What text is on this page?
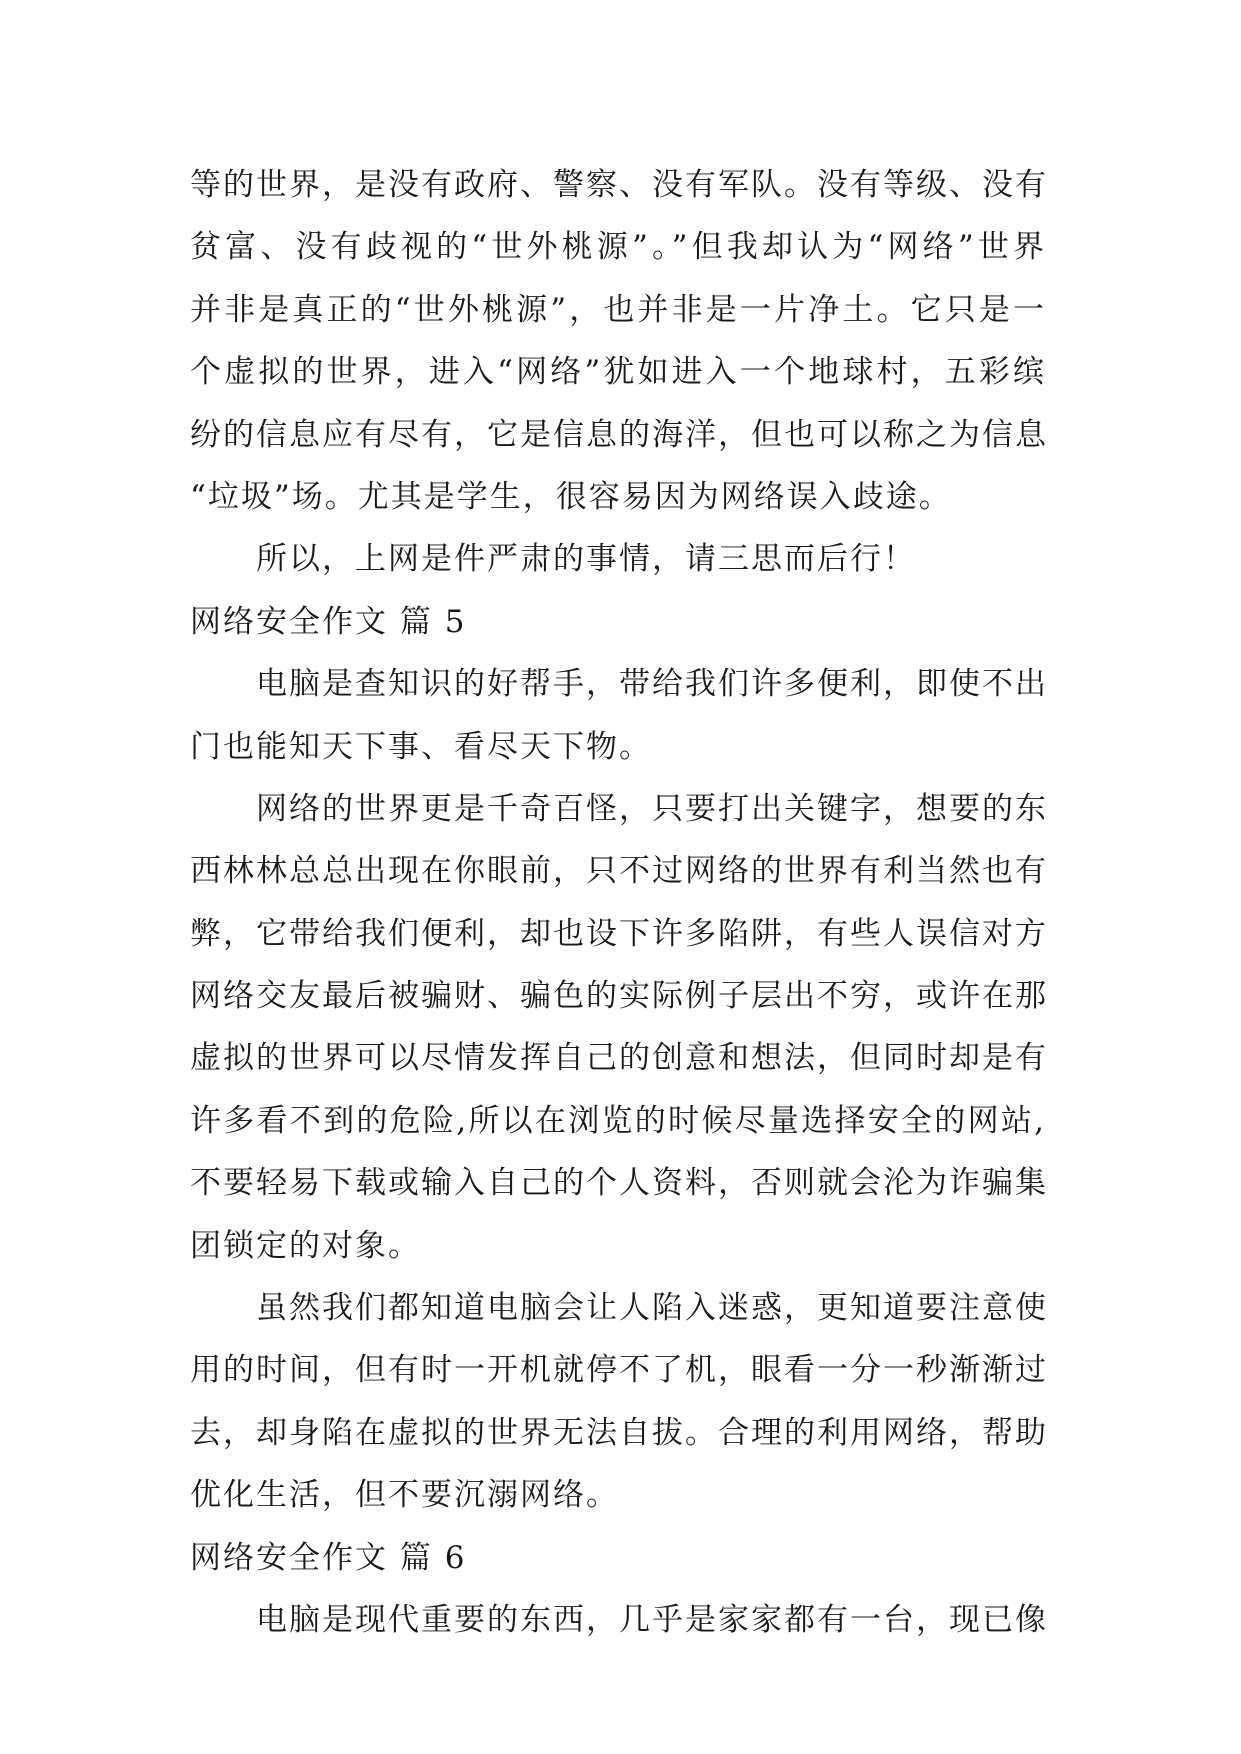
等的世界，是没有政府、警察、没有军队。没有等级、没有
贫富、没有歧视的“世外桃源”。”但我却认为“网络”世界
并非是真正的“世外桃源”，也并非是一片净土。它只是一
个虚拟的世界，进入“网络”犹如进入一个地球村，五彩缤
纷的信息应有尽有，它是信息的海洋，但也可以称之为信息
“垃圾”场。尤其是学生，很容易因为网络误入歧途。
所以，上网是件严肃的事情，请三思而后行！
网络安全作文 篇 5
电脑是查知识的好帮手，带给我们许多便利，即使不出
门也能知天下事、看尽天下物。
网络的世界更是千奇百怪，只要打出关键字，想要的东
西林林总总出现在你眼前，只不过网络的世界有利当然也有
弊，它带给我们便利，却也设下许多陷阱，有些人误信对方
网络交友最后被骗财、骗色的实际例子层出不穷，或许在那
虚拟的世界可以尽情发挥自己的创意和想法，但同时却是有
许多看不到的危险,所以在浏览的时候尽量选择安全的网站,
不要轻易下载或输入自己的个人资料，否则就会沦为诈骗集
团锁定的对象。
虽然我们都知道电脑会让人陷入迷惑，更知道要注意使
用的时间，但有时一开机就停不了机，眼看一分一秒渐渐过
去，却身陷在虚拟的世界无法自拔。合理的利用网络，帮助
优化生活，但不要沉溺网络。
网络安全作文 篇 6
电脑是现代重要的东西，几乎是家家都有一台，现已像
